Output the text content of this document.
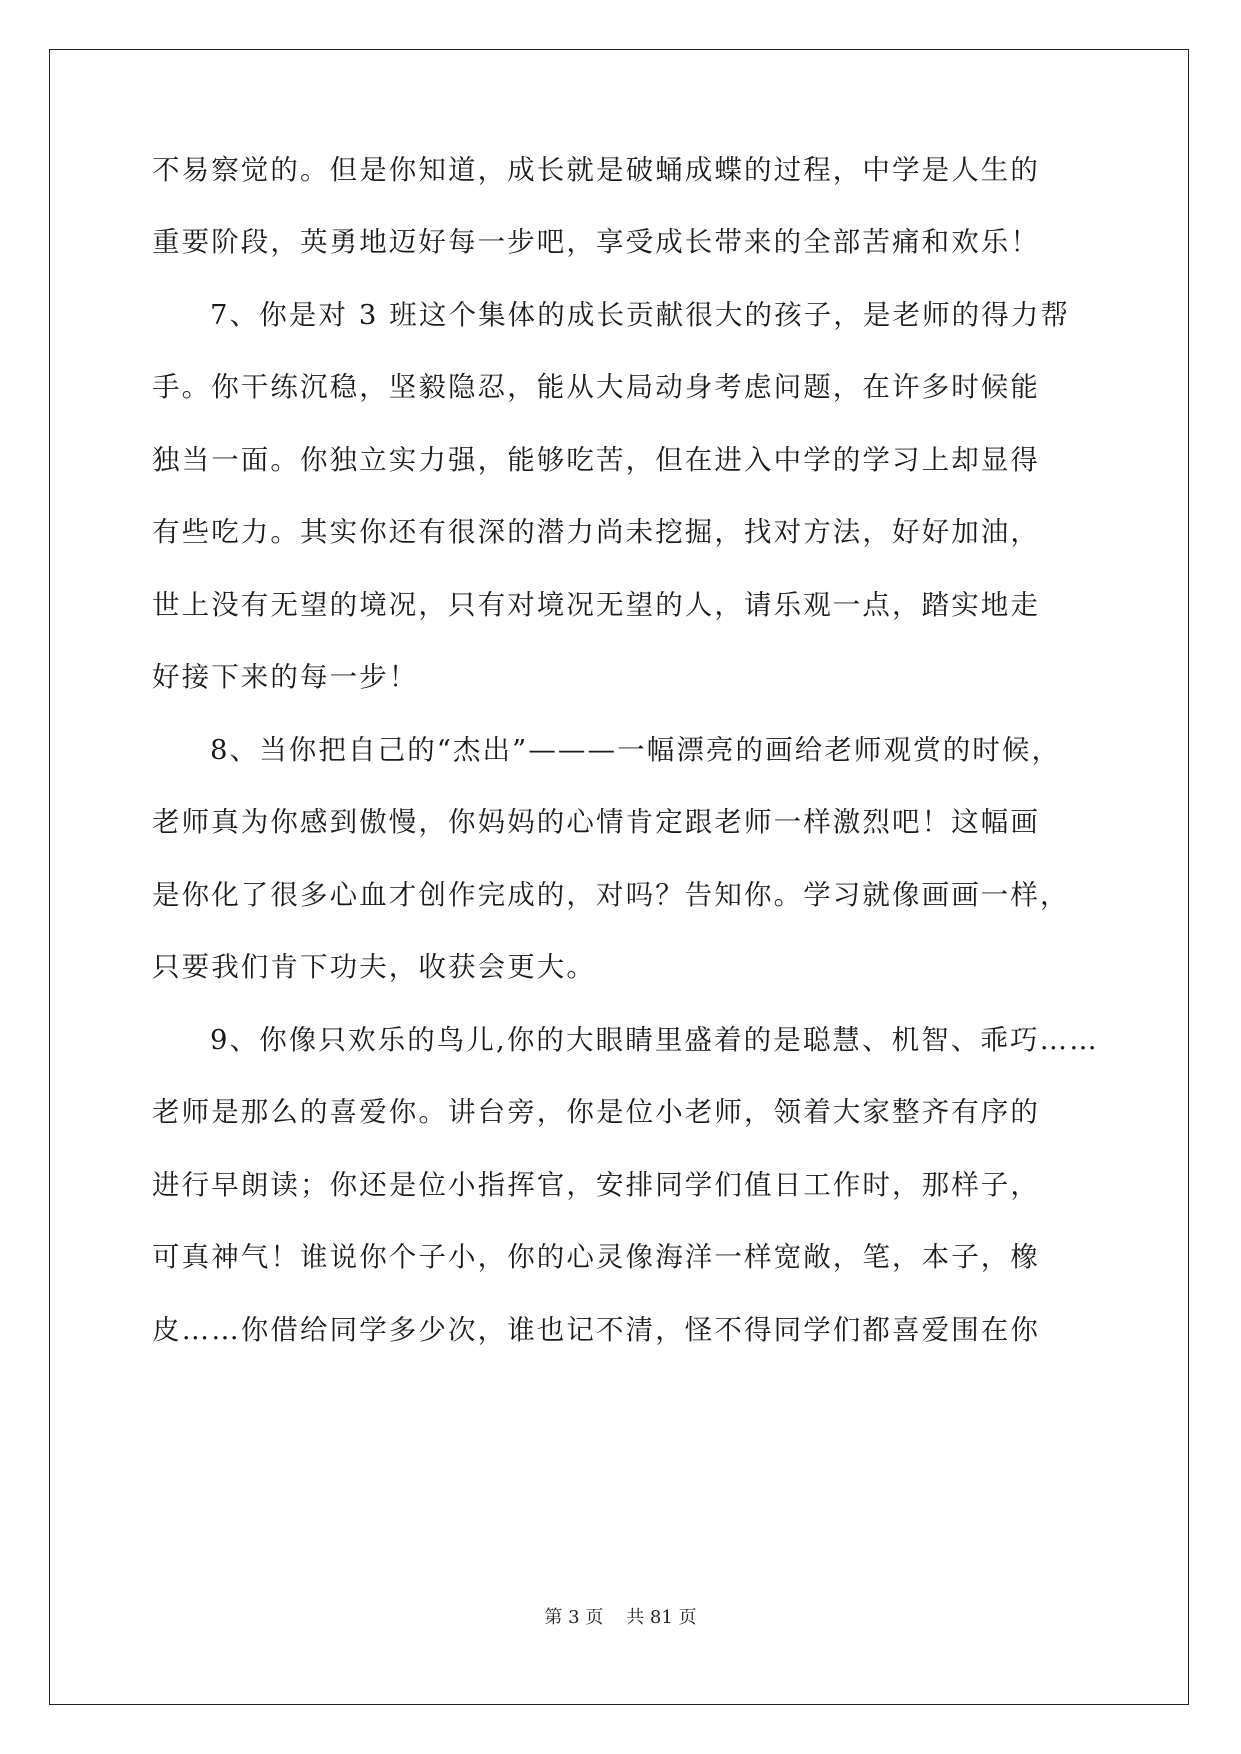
不易察觉的。但是你知道，成长就是破蛹成蝶的过程，中学是人生的
重要阶段，英勇地迈好每一步吧，享受成长带来的全部苦痛和欢乐！
7、你是对 3 班这个集体的成长贡献很大的孩子，是老师的得力帮
手。你干练沉稳，坚毅隐忍，能从大局动身考虑问题，在许多时候能
独当一面。你独立实力强，能够吃苦，但在进入中学的学习上却显得
有些吃力。其实你还有很深的潜力尚未挖掘，找对方法，好好加油，
世上没有无望的境况，只有对境况无望的人，请乐观一点，踏实地走
好接下来的每一步！
8、当你把自己的“杰出”———一幅漂亮的画给老师观赏的时候，
老师真为你感到傲慢，你妈妈的心情肯定跟老师一样激烈吧！这幅画
是你化了很多心血才创作完成的，对吗？告知你。学习就像画画一样，
只要我们肯下功夫，收获会更大。
9、你像只欢乐的鸟儿,你的大眼睛里盛着的是聪慧、机智、乖巧……
老师是那么的喜爱你。讲台旁，你是位小老师，领着大家整齐有序的
进行早朗读；你还是位小指挥官，安排同学们值日工作时，那样子，
可真神气！谁说你个子小，你的心灵像海洋一样宽敞，笔，本子，橡
皮……你借给同学多少次，谁也记不清，怪不得同学们都喜爱围在你
第 3 页    共 81 页
